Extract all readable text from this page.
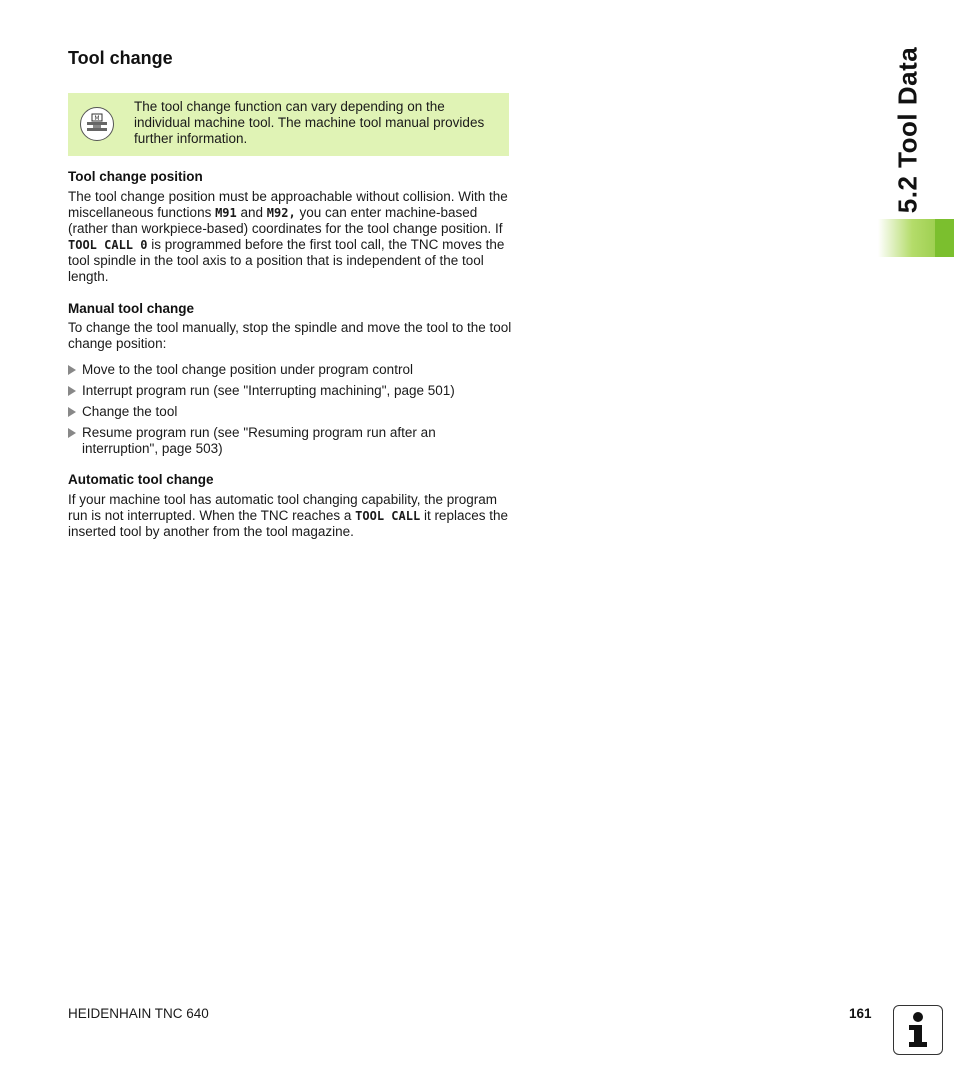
Tool change
M
The tool change function can vary depending on the individual machine tool. The machine tool manual provides further information.
Tool change position
The tool change position must be approachable without collision. With the miscellaneous functions M91 and M92, you can enter machine-based (rather than workpiece-based) coordinates for the tool change position. If TOOL CALL 0 is programmed before the first tool call, the TNC moves the tool spindle in the tool axis to a position that is independent of the tool length.
Manual tool change
To change the tool manually, stop the spindle and move the tool to the tool change position:
Move to the tool change position under program control
Interrupt program run (see "Interrupting machining", page 501)
Change the tool
Resume program run (see "Resuming program run after an interruption", page 503)
Automatic tool change
If your machine tool has automatic tool changing capability, the program run is not interrupted. When the TNC reaches a TOOL CALL it replaces the inserted tool by another from the tool magazine.
5.2 Tool Data
HEIDENHAIN TNC 640	161
